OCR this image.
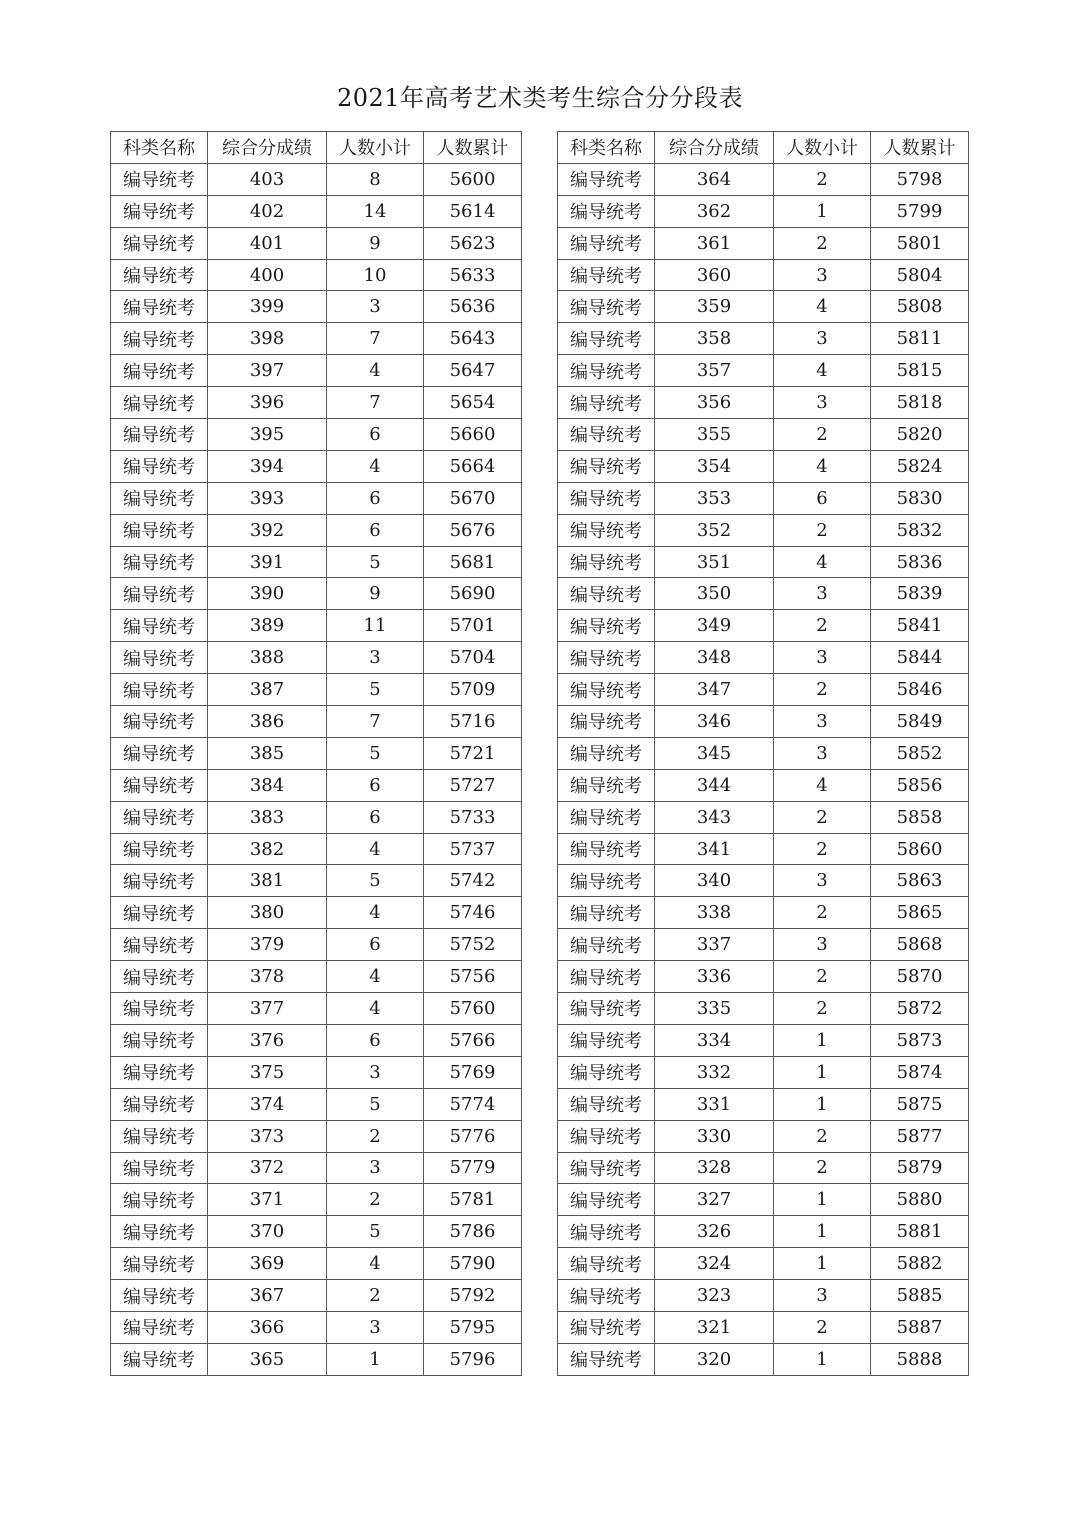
2021年高考艺术类考生综合分分段表
科类名称	综合分成绩	人数小计	人数累计
编导统考	403	8	5600
编导统考	402	14	5614
编导统考	401	9	5623
编导统考	400	10	5633
编导统考	399	3	5636
编导统考	398	7	5643
编导统考	397	4	5647
编导统考	396	7	5654
编导统考	395	6	5660
编导统考	394	4	5664
编导统考	393	6	5670
编导统考	392	6	5676
编导统考	391	5	5681
编导统考	390	9	5690
编导统考	389	11	5701
编导统考	388	3	5704
编导统考	387	5	5709
编导统考	386	7	5716
编导统考	385	5	5721
编导统考	384	6	5727
编导统考	383	6	5733
编导统考	382	4	5737
编导统考	381	5	5742
编导统考	380	4	5746
编导统考	379	6	5752
编导统考	378	4	5756
编导统考	377	4	5760
编导统考	376	6	5766
编导统考	375	3	5769
编导统考	374	5	5774
编导统考	373	2	5776
编导统考	372	3	5779
编导统考	371	2	5781
编导统考	370	5	5786
编导统考	369	4	5790
编导统考	367	2	5792
编导统考	366	3	5795
编导统考	365	1	5796
科类名称	综合分成绩	人数小计	人数累计
编导统考	364	2	5798
编导统考	362	1	5799
编导统考	361	2	5801
编导统考	360	3	5804
编导统考	359	4	5808
编导统考	358	3	5811
编导统考	357	4	5815
编导统考	356	3	5818
编导统考	355	2	5820
编导统考	354	4	5824
编导统考	353	6	5830
编导统考	352	2	5832
编导统考	351	4	5836
编导统考	350	3	5839
编导统考	349	2	5841
编导统考	348	3	5844
编导统考	347	2	5846
编导统考	346	3	5849
编导统考	345	3	5852
编导统考	344	4	5856
编导统考	343	2	5858
编导统考	341	2	5860
编导统考	340	3	5863
编导统考	338	2	5865
编导统考	337	3	5868
编导统考	336	2	5870
编导统考	335	2	5872
编导统考	334	1	5873
编导统考	332	1	5874
编导统考	331	1	5875
编导统考	330	2	5877
编导统考	328	2	5879
编导统考	327	1	5880
编导统考	326	1	5881
编导统考	324	1	5882
编导统考	323	3	5885
编导统考	321	2	5887
编导统考	320	1	5888
